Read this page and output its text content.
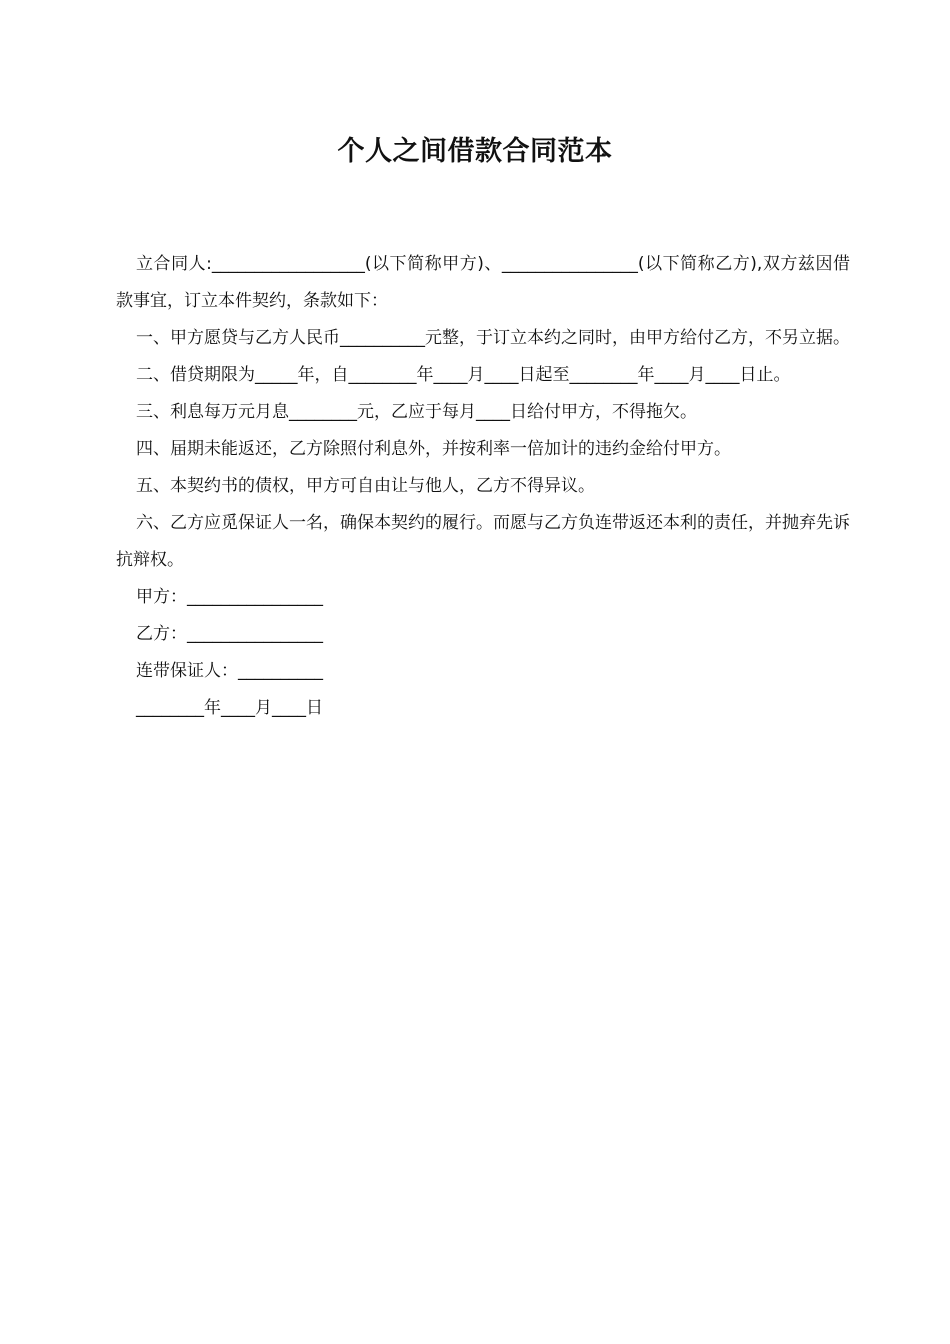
个人之间借款合同范本

立合同人:__________________(以下简称甲方)、________________(以下简称乙方),双方兹因借款事宜，订立本件契约，条款如下：

一、甲方愿贷与乙方人民币__________元整，于订立本约之同时，由甲方给付乙方，不另立据。

二、借贷期限为_____年，自________年____月____日起至________年____月____日止。

三、利息每万元月息________元，乙应于每月____日给付甲方，不得拖欠。

四、届期未能返还，乙方除照付利息外，并按利率一倍加计的违约金给付甲方。

五、本契约书的债权，甲方可自由让与他人，乙方不得异议。

六、乙方应觅保证人一名，确保本契约的履行。而愿与乙方负连带返还本利的责任，并抛弃先诉抗辩权。

甲方：________________

乙方：________________

连带保证人：__________

________年____月____日
